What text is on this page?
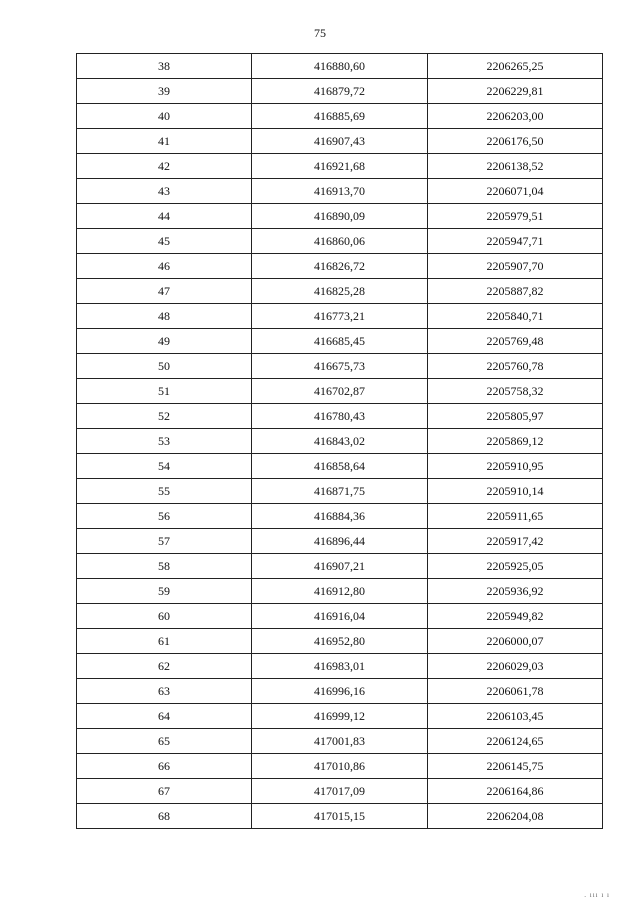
75
38	416880,60	2206265,25
39	416879,72	2206229,81
40	416885,69	2206203,00
41	416907,43	2206176,50
42	416921,68	2206138,52
43	416913,70	2206071,04
44	416890,09	2205979,51
45	416860,06	2205947,71
46	416826,72	2205907,70
47	416825,28	2205887,82
48	416773,21	2205840,71
49	416685,45	2205769,48
50	416675,73	2205760,78
51	416702,87	2205758,32
52	416780,43	2205805,97
53	416843,02	2205869,12
54	416858,64	2205910,95
55	416871,75	2205910,14
56	416884,36	2205911,65
57	416896,44	2205917,42
58	416907,21	2205925,05
59	416912,80	2205936,92
60	416916,04	2205949,82
61	416952,80	2206000,07
62	416983,01	2206029,03
63	416996,16	2206061,78
64	416999,12	2206103,45
65	417001,83	2206124,65
66	417010,86	2206145,75
67	417017,09	2206164,86
68	417015,15	2206204,08
. ııı ı ı
